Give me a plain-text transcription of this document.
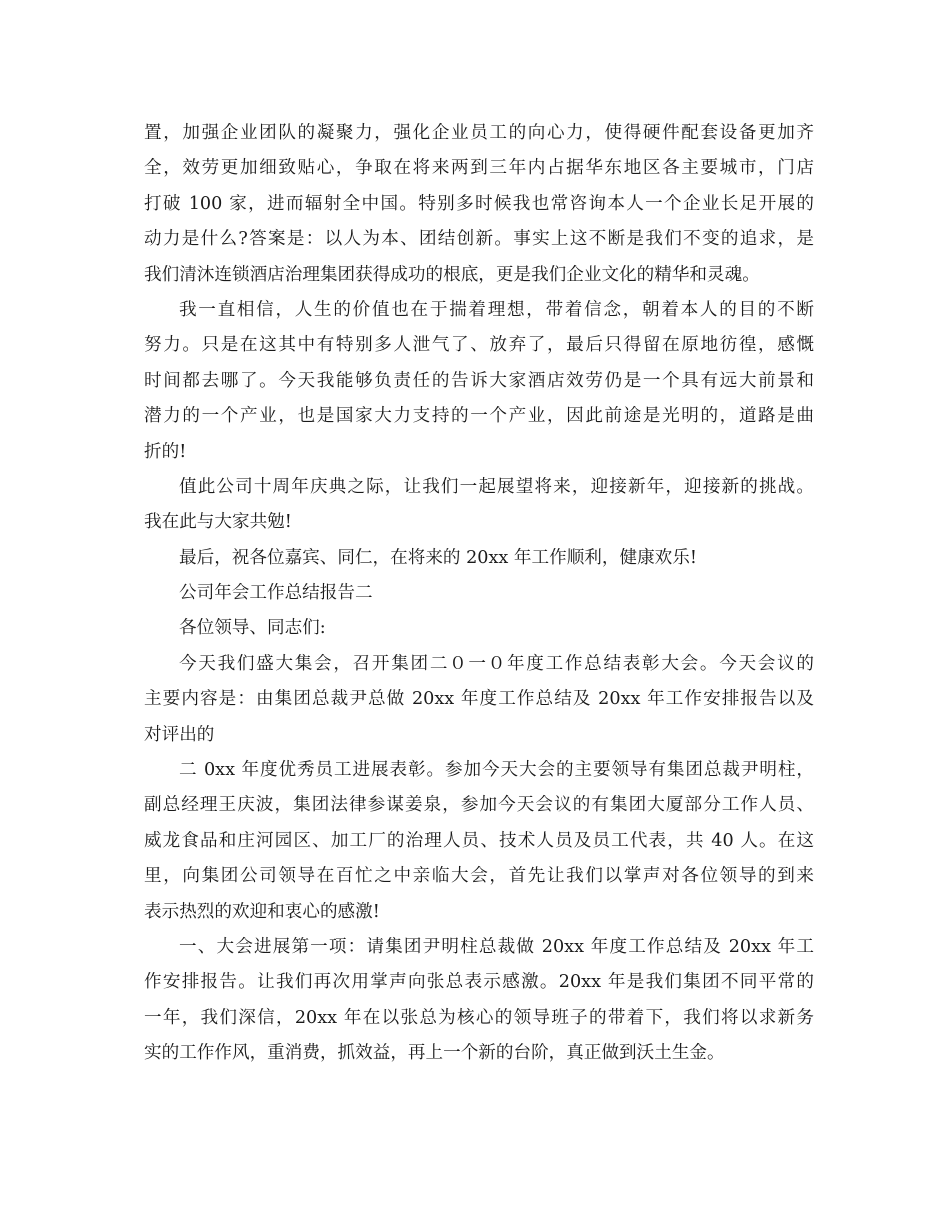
置，加强企业团队的凝聚力，强化企业员工的向心力，使得硬件配套设备更加齐
全，效劳更加细致贴心，争取在将来两到三年内占据华东地区各主要城市，门店
打破 100 家，进而辐射全中国。特别多时候我也常咨询本人一个企业长足开展的
动力是什么?答案是：以人为本、团结创新。事实上这不断是我们不变的追求，是
我们清沐连锁酒店治理集团获得成功的根底，更是我们企业文化的精华和灵魂。
我一直相信，人生的价值也在于揣着理想，带着信念，朝着本人的目的不断
努力。只是在这其中有特别多人泄气了、放弃了，最后只得留在原地彷徨，感慨
时间都去哪了。今天我能够负责任的告诉大家酒店效劳仍是一个具有远大前景和
潜力的一个产业，也是国家大力支持的一个产业，因此前途是光明的，道路是曲
折的!
值此公司十周年庆典之际，让我们一起展望将来，迎接新年，迎接新的挑战。
我在此与大家共勉!
最后，祝各位嘉宾、同仁，在将来的 20xx 年工作顺利，健康欢乐!
公司年会工作总结报告二
各位领导、同志们:
今天我们盛大集会，召开集团二０一０年度工作总结表彰大会。今天会议的
主要内容是：由集团总裁尹总做 20xx 年度工作总结及 20xx 年工作安排报告以及
对评出的
二 0xx 年度优秀员工进展表彰。参加今天大会的主要领导有集团总裁尹明柱，
副总经理王庆波，集团法律参谋姜泉，参加今天会议的有集团大厦部分工作人员、
威龙食品和庄河园区、加工厂的治理人员、技术人员及员工代表，共 40 人。在这
里，向集团公司领导在百忙之中亲临大会，首先让我们以掌声对各位领导的到来
表示热烈的欢迎和衷心的感激!
一、大会进展第一项：请集团尹明柱总裁做 20xx 年度工作总结及 20xx 年工
作安排报告。让我们再次用掌声向张总表示感激。20xx 年是我们集团不同平常的
一年，我们深信，20xx 年在以张总为核心的领导班子的带着下，我们将以求新务
实的工作作风，重消费，抓效益，再上一个新的台阶，真正做到沃土生金。
